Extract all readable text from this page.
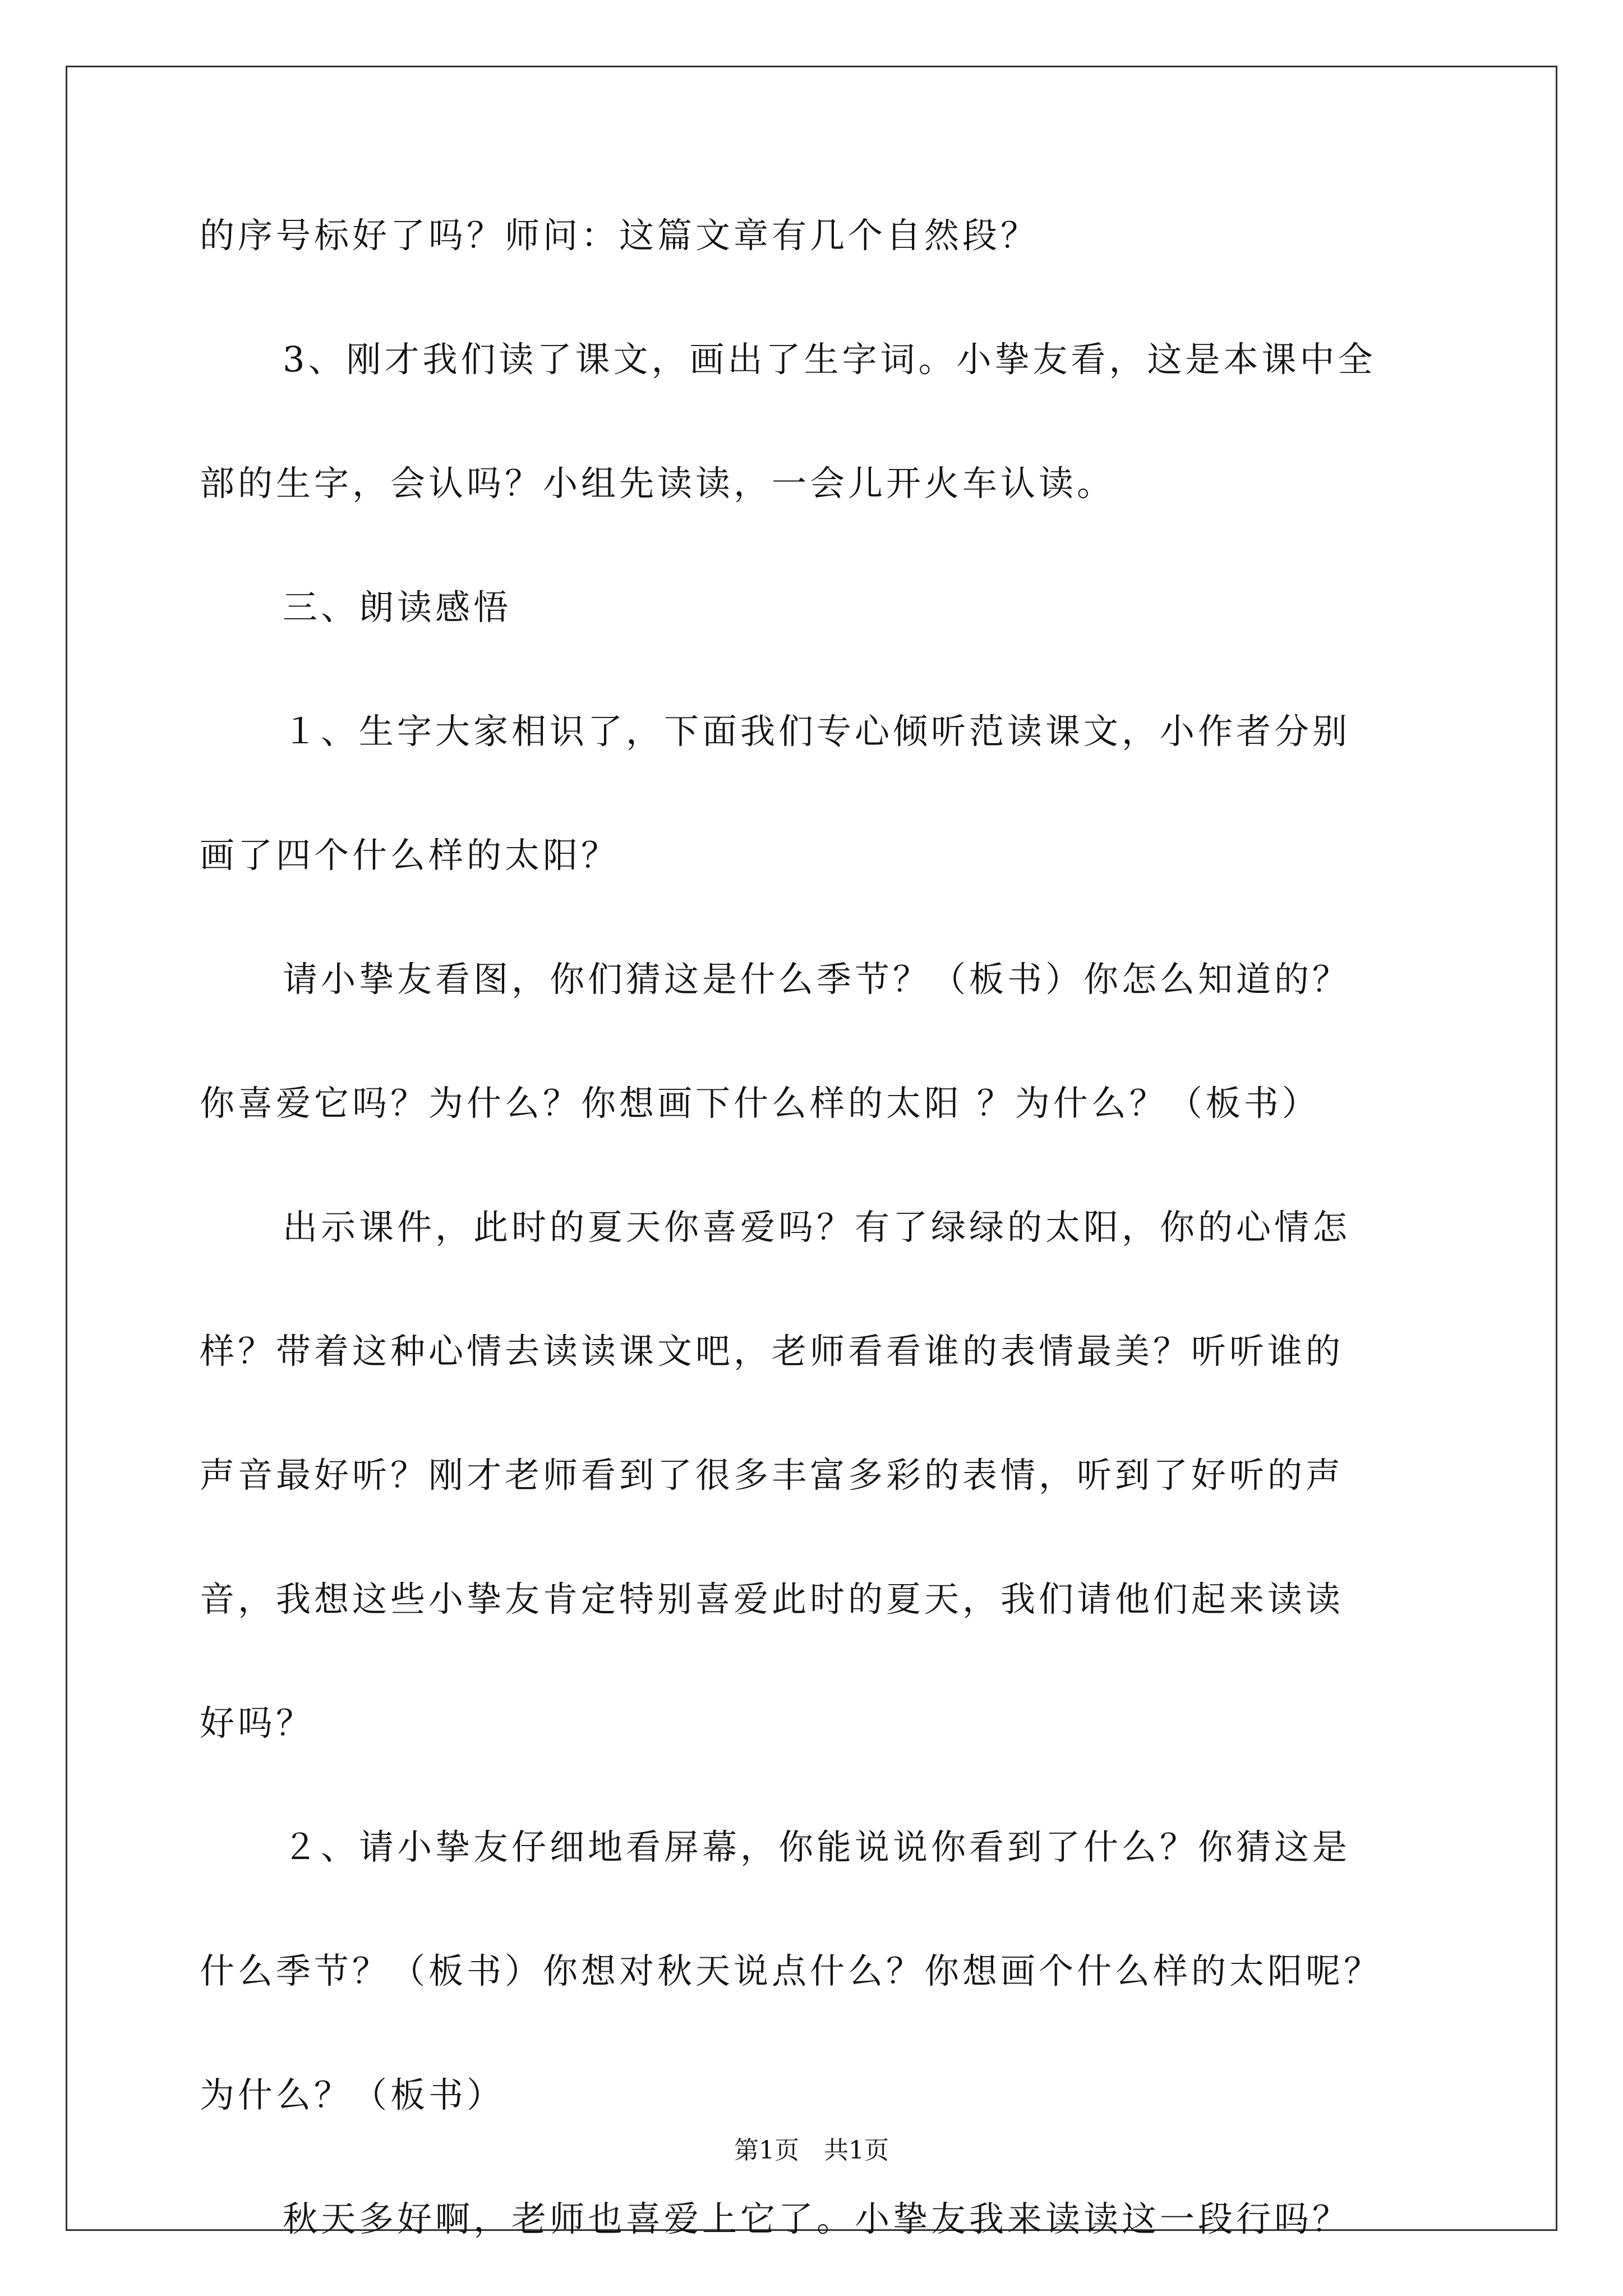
的序号标好了吗？师问：这篇文章有几个自然段？
3、刚才我们读了课文，画出了生字词。小挚友看，这是本课中全
部的生字，会认吗？小组先读读，一会儿开火车认读。
三、朗读感悟
１、生字大家相识了，下面我们专心倾听范读课文，小作者分别
画了四个什么样的太阳？
请小挚友看图，你们猜这是什么季节？（板书）你怎么知道的？
你喜爱它吗？为什么？你想画下什么样的太阳 ？为什么？（板书）
出示课件，此时的夏天你喜爱吗？有了绿绿的太阳，你的心情怎
样？带着这种心情去读读课文吧，老师看看谁的表情最美？听听谁的
声音最好听？刚才老师看到了很多丰富多彩的表情，听到了好听的声
音，我想这些小挚友肯定特别喜爱此时的夏天，我们请他们起来读读
好吗？
２、请小挚友仔细地看屏幕，你能说说你看到了什么？你猜这是
什么季节？（板书）你想对秋天说点什么？你想画个什么样的太阳呢？
为什么？（板书）
秋天多好啊，老师也喜爱上它了。小挚友我来读读这一段行吗？
第1页　共1页
